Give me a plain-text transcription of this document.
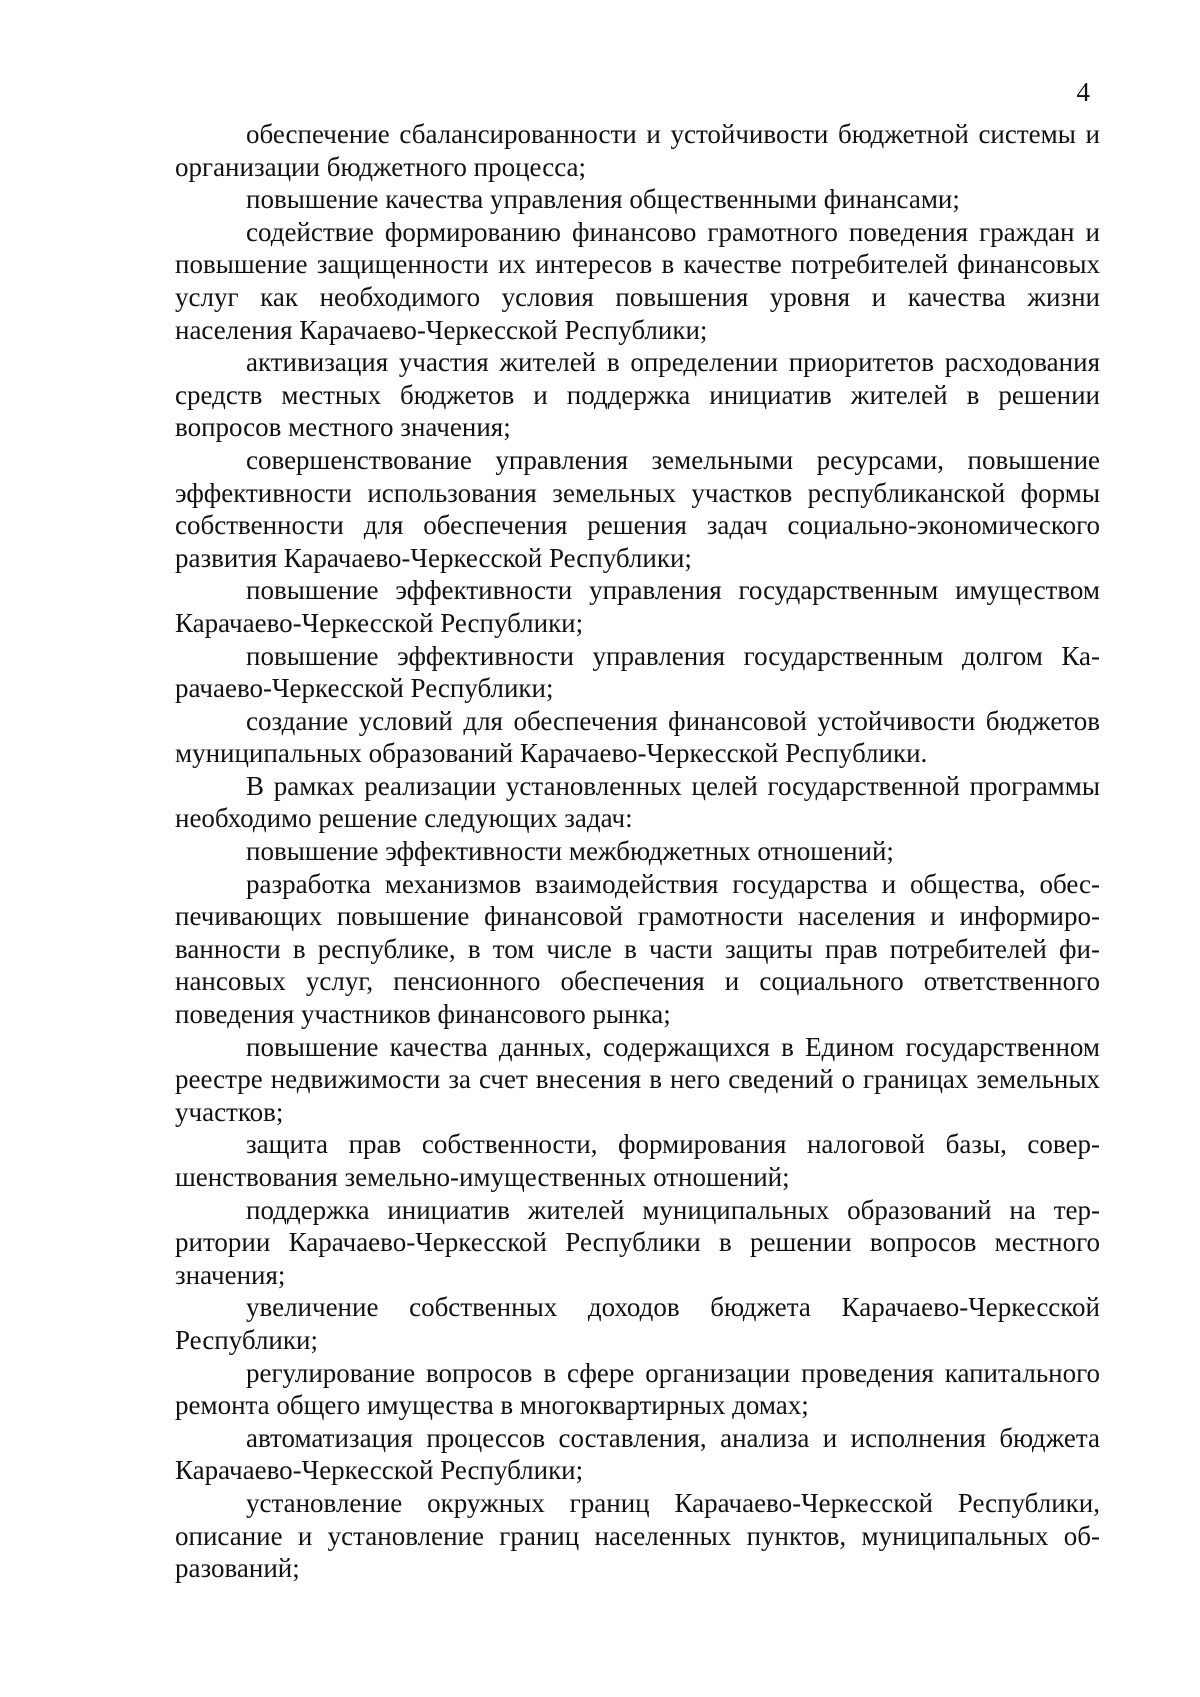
4

обеспечение сбалансированности и устойчивости бюджетной системы и организации бюджетного процесса;

повышение качества управления общественными финансами;

содействие формированию финансово грамотного поведения граждан и повышение защищенности их интересов в качестве потребителей финансовых услуг как необходимого условия повышения уровня и качества жизни населения Карачаево-Черкесской Республики;

активизация участия жителей в определении приоритетов расходования средств местных бюджетов и поддержка инициатив жителей в решении вопросов местного значения;

совершенствование управления земельными ресурсами, повышение эффективности использования земельных участков республиканской формы собственности для обеспечения решения задач социально-экономического развития Карачаево-Черкесской Республики;

повышение эффективности управления государственным имуществом Карачаево-Черкесской Республики;

повышение эффективности управления государственным долгом Карачаево-Черкесской Республики;

создание условий для обеспечения финансовой устойчивости бюджетов муниципальных образований Карачаево-Черкесской Республики.

В рамках реализации установленных целей государственной программы необходимо решение следующих задач:

повышение эффективности межбюджетных отношений;

разработка механизмов взаимодействия государства и общества, обеспечивающих повышение финансовой грамотности населения и информированности в республике, в том числе в части защиты прав потребителей финансовых услуг, пенсионного обеспечения и социального ответственного поведения участников финансового рынка;

повышение качества данных, содержащихся в Едином государственном реестре недвижимости за счет внесения в него сведений о границах земельных участков;

защита прав собственности, формирования налоговой базы, совершенствования земельно-имущественных отношений;

поддержка инициатив жителей муниципальных образований на территории Карачаево-Черкесской Республики в решении вопросов местного значения;

увеличение собственных доходов бюджета Карачаево-Черкесской Республики;

регулирование вопросов в сфере организации проведения капитального ремонта общего имущества в многоквартирных домах;

автоматизация процессов составления, анализа и исполнения бюджета Карачаево-Черкесской Республики;

установление окружных границ Карачаево-Черкесской Республики, описание и установление границ населенных пунктов, муниципальных образований;
